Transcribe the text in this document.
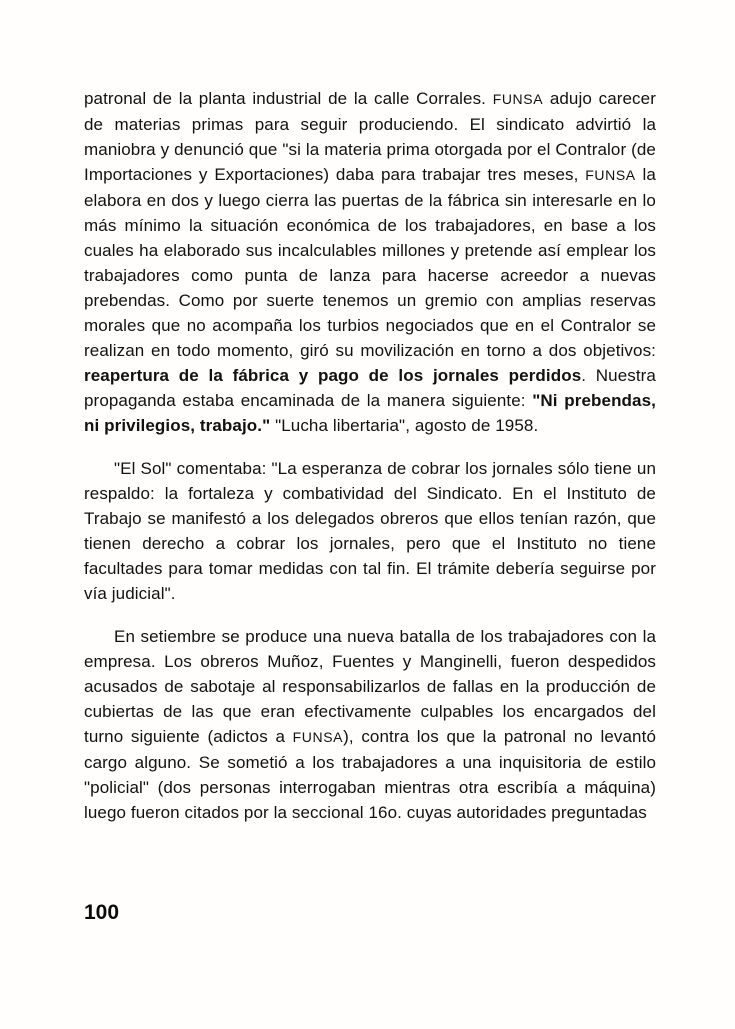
patronal de la planta industrial de la calle Corrales. FUNSA adujo carecer de materias primas para seguir produciendo. El sindicato advirtió la maniobra y denunció que "si la materia prima otorgada por el Contralor (de Importaciones y Exportaciones) daba para trabajar tres meses, FUNSA la elabora en dos y luego cierra las puertas de la fábrica sin interesarle en lo más mínimo la situación económica de los trabajadores, en base a los cuales ha elaborado sus incalculables millones y pretende así emplear los trabajadores como punta de lanza para hacerse acreedor a nuevas prebendas. Como por suerte tenemos un gremio con amplias reservas morales que no acompaña los turbios negociados que en el Contralor se realizan en todo momento, giró su movilización en torno a dos objetivos: reapertura de la fábrica y pago de los jornales perdidos. Nuestra propaganda estaba encaminada de la manera siguiente: "Ni prebendas, ni privilegios, trabajo." "Lucha libertaria", agosto de 1958.

"El Sol" comentaba: "La esperanza de cobrar los jornales sólo tiene un respaldo: la fortaleza y combatividad del Sindicato. En el Instituto de Trabajo se manifestó a los delegados obreros que ellos tenían razón, que tienen derecho a cobrar los jornales, pero que el Instituto no tiene facultades para tomar medidas con tal fin. El trámite debería seguirse por vía judicial".

En setiembre se produce una nueva batalla de los trabajadores con la empresa. Los obreros Muñoz, Fuentes y Manginelli, fueron despedidos acusados de sabotaje al responsabilizarlos de fallas en la producción de cubiertas de las que eran efectivamente culpables los encargados del turno siguiente (adictos a FUNSA), contra los que la patronal no levantó cargo alguno. Se sometió a los trabajadores a una inquisitoria de estilo "policial" (dos personas interrogaban mientras otra escribía a máquina) luego fueron citados por la seccional 16o. cuyas autoridades preguntadas

100
